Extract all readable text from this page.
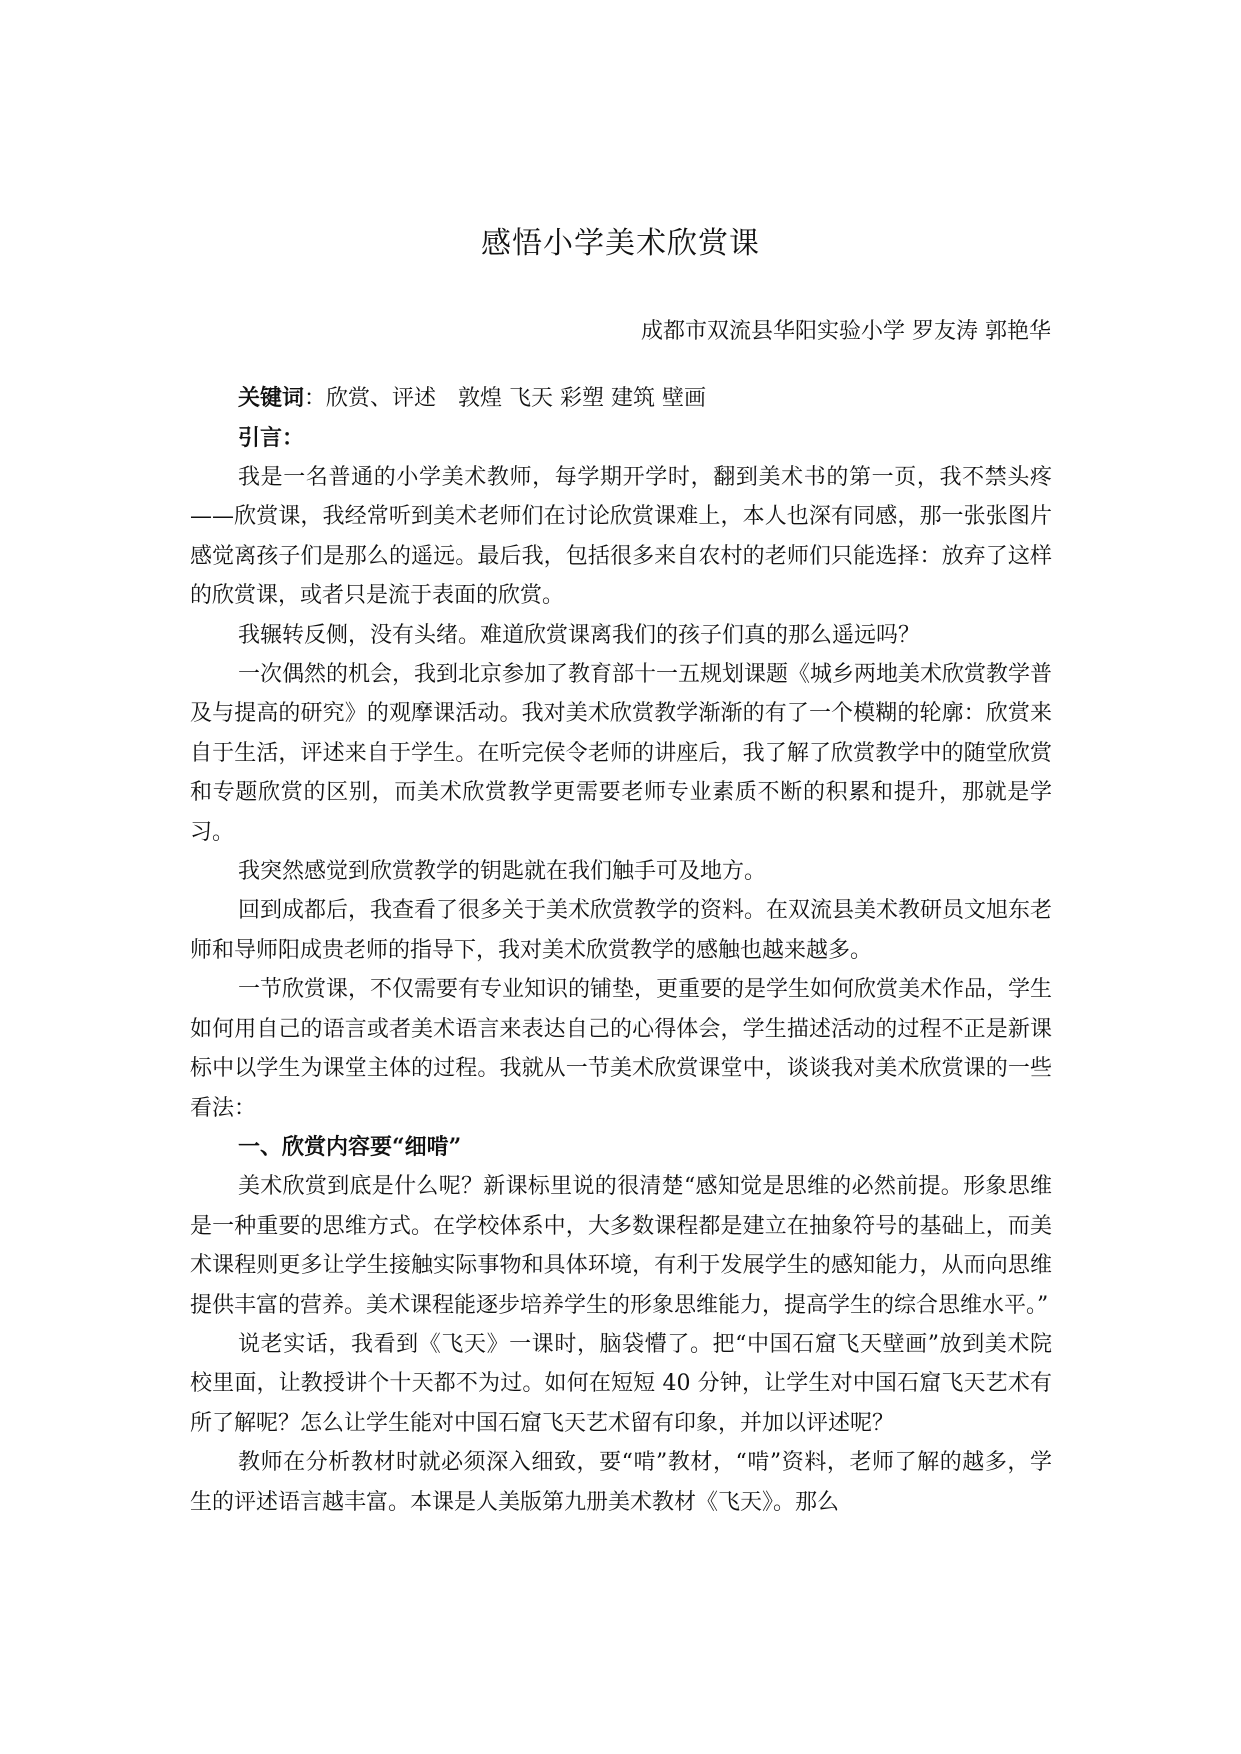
感悟小学美术欣赏课
成都市双流县华阳实验小学 罗友涛 郭艳华
关键词：欣赏、评述　敦煌 飞天 彩塑 建筑 壁画
引言：

我是一名普通的小学美术教师，每学期开学时，翻到美术书的第一页，我不禁头疼——欣赏课，我经常听到美术老师们在讨论欣赏课难上，本人也深有同感，那一张张图片感觉离孩子们是那么的遥远。最后我，包括很多来自农村的老师们只能选择：放弃了这样的欣赏课，或者只是流于表面的欣赏。

我辗转反侧，没有头绪。难道欣赏课离我们的孩子们真的那么遥远吗？

一次偶然的机会，我到北京参加了教育部十一五规划课题《城乡两地美术欣赏教学普及与提高的研究》的观摩课活动。我对美术欣赏教学渐渐的有了一个模糊的轮廓：欣赏来自于生活，评述来自于学生。在听完侯令老师的讲座后，我了解了欣赏教学中的随堂欣赏和专题欣赏的区别，而美术欣赏教学更需要老师专业素质不断的积累和提升，那就是学习。

我突然感觉到欣赏教学的钥匙就在我们触手可及地方。

回到成都后，我查看了很多关于美术欣赏教学的资料。在双流县美术教研员文旭东老师和导师阳成贵老师的指导下，我对美术欣赏教学的感触也越来越多。

一节欣赏课，不仅需要有专业知识的铺垫，更重要的是学生如何欣赏美术作品，学生如何用自己的语言或者美术语言来表达自己的心得体会，学生描述活动的过程不正是新课标中以学生为课堂主体的过程。我就从一节美术欣赏课堂中，谈谈我对美术欣赏课的一些看法：

一、欣赏内容要“细啃”

美术欣赏到底是什么呢？新课标里说的很清楚“感知觉是思维的必然前提。形象思维是一种重要的思维方式。在学校体系中，大多数课程都是建立在抽象符号的基础上，而美术课程则更多让学生接触实际事物和具体环境，有利于发展学生的感知能力，从而向思维提供丰富的营养。美术课程能逐步培养学生的形象思维能力，提高学生的综合思维水平。”

说老实话，我看到《飞天》一课时，脑袋懵了。把“中国石窟飞天壁画”放到美术院校里面，让教授讲个十天都不为过。如何在短短 40 分钟，让学生对中国石窟飞天艺术有所了解呢？怎么让学生能对中国石窟飞天艺术留有印象，并加以评述呢？

教师在分析教材时就必须深入细致，要“啃”教材，“啃”资料，老师了解的越多，学生的评述语言越丰富。本课是人美版第九册美术教材《飞天》。那么
